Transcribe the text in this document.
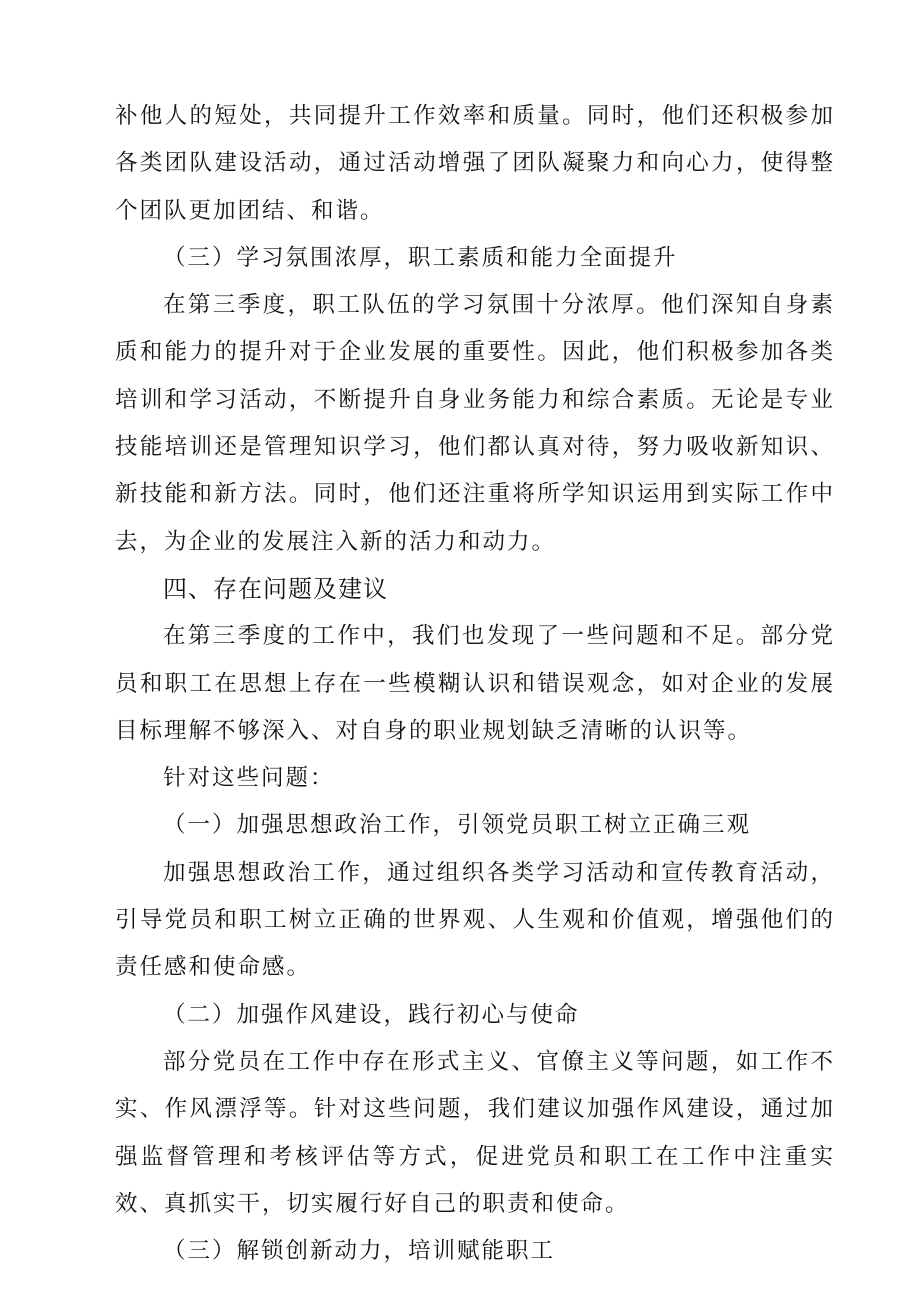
补他人的短处，共同提升工作效率和质量。同时，他们还积极参加各类团队建设活动，通过活动增强了团队凝聚力和向心力，使得整个团队更加团结、和谐。

（三）学习氛围浓厚，职工素质和能力全面提升

在第三季度，职工队伍的学习氛围十分浓厚。他们深知自身素质和能力的提升对于企业发展的重要性。因此，他们积极参加各类培训和学习活动，不断提升自身业务能力和综合素质。无论是专业技能培训还是管理知识学习，他们都认真对待，努力吸收新知识、新技能和新方法。同时，他们还注重将所学知识运用到实际工作中去，为企业的发展注入新的活力和动力。

四、存在问题及建议

在第三季度的工作中，我们也发现了一些问题和不足。部分党员和职工在思想上存在一些模糊认识和错误观念，如对企业的发展目标理解不够深入、对自身的职业规划缺乏清晰的认识等。

针对这些问题：

（一）加强思想政治工作，引领党员职工树立正确三观

加强思想政治工作，通过组织各类学习活动和宣传教育活动，引导党员和职工树立正确的世界观、人生观和价值观，增强他们的责任感和使命感。

（二）加强作风建设，践行初心与使命

部分党员在工作中存在形式主义、官僚主义等问题，如工作不实、作风漂浮等。针对这些问题，我们建议加强作风建设，通过加强监督管理和考核评估等方式，促进党员和职工在工作中注重实效、真抓实干，切实履行好自己的职责和使命。

（三）解锁创新动力，培训赋能职工
